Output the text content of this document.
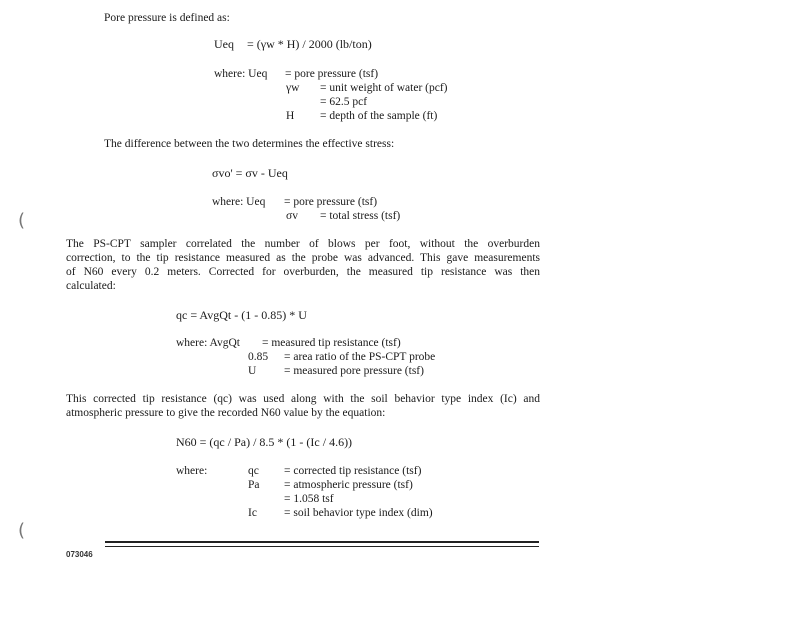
Pore pressure is defined as:
Ueq = (γw * H) / 2000 (lb/ton)
where: Ueq = pore pressure (tsf)
γw = unit weight of water (pcf)
= 62.5 pcf
H = depth of the sample (ft)
The difference between the two determines the effective stress:
σvo' = σv - Ueq
where: Ueq = pore pressure (tsf)
σv = total stress (tsf)
The PS-CPT sampler correlated the number of blows per foot, without the overburden
correction, to the tip resistance measured as the probe was advanced. This gave measurements
of N60 every 0.2 meters. Corrected for overburden, the measured tip resistance was then
calculated:
qc = AvgQt - (1 - 0.85) * U
where: AvgQt = measured tip resistance (tsf)
0.85 = area ratio of the PS-CPT probe
U = measured pore pressure (tsf)
This corrected tip resistance (qc) was used along with the soil behavior type index (Ic) and
atmospheric pressure to give the recorded N60 value by the equation:
N60 = (qc / Pa) / 8.5 * (1 - (Ic / 4.6))
where:	qc = corrected tip resistance (tsf)
Pa = atmospheric pressure (tsf)
= 1.058 tsf
Ic = soil behavior type index (dim)
073046
(
(
